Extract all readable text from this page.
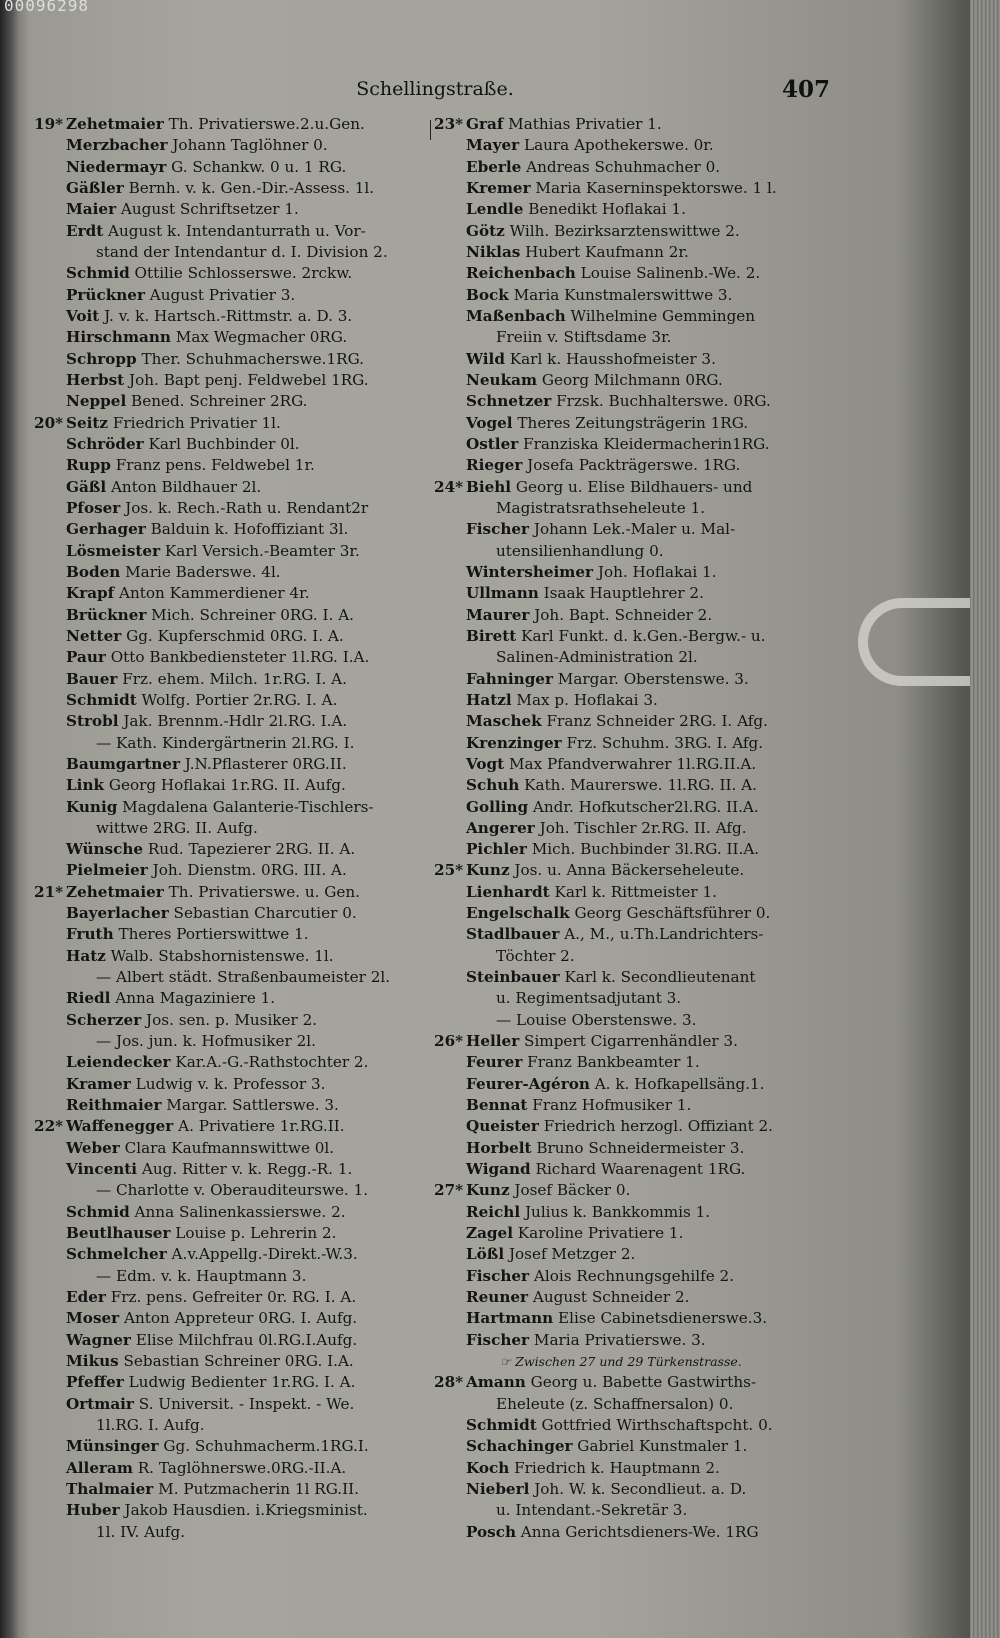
00096298
Schellingstraße.	407
19* Zehetmaier Th. Privatierswe.2.u.Gen.
Merzbacher Johann Taglöhner 0.
Niedermayr G. Schankw. 0 u. 1 RG.
Gäßler Bernh. v. k. Gen.-Dir.-Assess. 1l.
Maier August Schriftsetzer 1.
Erdt August k. Intendanturrath u. Vor-
stand der Intendantur d. I. Division 2.
Schmid Ottilie Schlosserswe. 2rckw.
Prückner August Privatier 3.
Voit J. v. k. Hartsch.-Rittmstr. a. D. 3.
Hirschmann Max Wegmacher 0RG.
Schropp Ther. Schuhmacherswe.1RG.
Herbst Joh. Bapt penj. Feldwebel 1RG.
Neppel Bened. Schreiner 2RG.
20* Seitz Friedrich Privatier 1l.
Schröder Karl Buchbinder 0l.
Rupp Franz pens. Feldwebel 1r.
Gäßl Anton Bildhauer 2l.
Pfoser Jos. k. Rech.-Rath u. Rendant2r
Gerhager Balduin k. Hofoffiziant 3l.
Lösmeister Karl Versich.-Beamter 3r.
Boden Marie Baderswe. 4l.
Krapf Anton Kammerdiener 4r.
Brückner Mich. Schreiner 0RG. I. A.
Netter Gg. Kupferschmid 0RG. I. A.
Paur Otto Bankbediensteter 1l.RG. I.A.
Bauer Frz. ehem. Milch. 1r.RG. I. A.
Schmidt Wolfg. Portier 2r.RG. I. A.
Strobl Jak. Brennm.-Hdlr 2l.RG. I.A.
— Kath. Kindergärtnerin 2l.RG. I.
Baumgartner J.N.Pflasterer 0RG.II.
Link Georg Hoflakai 1r.RG. II. Aufg.
Kunig Magdalena Galanterie-Tischlers-
wittwe 2RG. II. Aufg.
Wünsche Rud. Tapezierer 2RG. II. A.
Pielmeier Joh. Dienstm. 0RG. III. A.
21* Zehetmaier Th. Privatierswe. u. Gen.
Bayerlacher Sebastian Charcutier 0.
Fruth Theres Portierswittwe 1.
Hatz Walb. Stabshornistenswe. 1l.
— Albert städt. Straßenbaumeister 2l.
Riedl Anna Magaziniere 1.
Scherzer Jos. sen. p. Musiker 2.
— Jos. jun. k. Hofmusiker 2l.
Leiendecker Kar.A.-G.-Rathstochter 2.
Kramer Ludwig v. k. Professor 3.
Reithmaier Margar. Sattlerswe. 3.
22* Waffenegger A. Privatiere 1r.RG.II.
Weber Clara Kaufmannswittwe 0l.
Vincenti Aug. Ritter v. k. Regg.-R. 1.
— Charlotte v. Oberauditeurswe. 1.
Schmid Anna Salinenkassierswe. 2.
Beutlhauser Louise p. Lehrerin 2.
Schmelcher A.v.Appellg.-Direkt.-W.3.
— Edm. v. k. Hauptmann 3.
Eder Frz. pens. Gefreiter 0r. RG. I. A.
Moser Anton Appreteur 0RG. I. Aufg.
Wagner Elise Milchfrau 0l.RG.I.Aufg.
Mikus Sebastian Schreiner 0RG. I.A.
Pfeffer Ludwig Bedienter 1r.RG. I. A.
Ortmair S. Universit. - Inspekt. - We.
1l.RG. I. Aufg.
Münsinger Gg. Schuhmacherm.1RG.I.
Alleram R. Taglöhnerswe.0RG.-II.A.
Thalmaier M. Putzmacherin 1l RG.II.
Huber Jakob Hausdien. i.Kriegsminist.
1l. IV. Aufg.
23* Graf Mathias Privatier 1.
Mayer Laura Apothekerswe. 0r.
Eberle Andreas Schuhmacher 0.
Kremer Maria Kaserninspektorswe. 1 l.
Lendle Benedikt Hoflakai 1.
Götz Wilh. Bezirksarztenswittwe 2.
Niklas Hubert Kaufmann 2r.
Reichenbach Louise Salinenb.-We. 2.
Bock Maria Kunstmalerswittwe 3.
Maßenbach Wilhelmine Gemmingen
Freiin v. Stiftsdame 3r.
Wild Karl k. Hausshofmeister 3.
Neukam Georg Milchmann 0RG.
Schnetzer Frzsk. Buchhalterswe. 0RG.
Vogel Theres Zeitungsträgerin 1RG.
Ostler Franziska Kleidermacherin1RG.
Rieger Josefa Packträgerswe. 1RG.
24* Biehl Georg u. Elise Bildhauers- und
Magistratsrathseheleute 1.
Fischer Johann Lek.-Maler u. Mal-
utensilienhandlung 0.
Wintersheimer Joh. Hoflakai 1.
Ullmann Isaak Hauptlehrer 2.
Maurer Joh. Bapt. Schneider 2.
Birett Karl Funkt. d. k.Gen.-Bergw.- u.
Salinen-Administration 2l.
Fahninger Margar. Oberstenswe. 3.
Hatzl Max p. Hoflakai 3.
Maschek Franz Schneider 2RG. I. Afg.
Krenzinger Frz. Schuhm. 3RG. I. Afg.
Vogt Max Pfandverwahrer 1l.RG.II.A.
Schuh Kath. Maurerswe. 1l.RG. II. A.
Golling Andr. Hofkutscher2l.RG. II.A.
Angerer Joh. Tischler 2r.RG. II. Afg.
Pichler Mich. Buchbinder 3l.RG. II.A.
25* Kunz Jos. u. Anna Bäckerseheleute.
Lienhardt Karl k. Rittmeister 1.
Engelschalk Georg Geschäftsführer 0.
Stadlbauer A., M., u.Th.Landrichters-
Töchter 2.
Steinbauer Karl k. Secondlieutenant
u. Regimentsadjutant 3.
— Louise Oberstenswe. 3.
26* Heller Simpert Cigarrenhändler 3.
Feurer Franz Bankbeamter 1.
Feurer-Agéron A. k. Hofkapellsäng.1.
Bennat Franz Hofmusiker 1.
Queister Friedrich herzogl. Offiziant 2.
Horbelt Bruno Schneidermeister 3.
Wigand Richard Waarenagent 1RG.
27* Kunz Josef Bäcker 0.
Reichl Julius k. Bankkommis 1.
Zagel Karoline Privatiere 1.
Lößl Josef Metzger 2.
Fischer Alois Rechnungsgehilfe 2.
Reuner August Schneider 2.
Hartmann Elise Cabinetsdienerswe.3.
Fischer Maria Privatierswe. 3.
☞ Zwischen 27 und 29 Türkenstrasse.
28* Amann Georg u. Babette Gastwirths-
Eheleute (z. Schaffnersalon) 0.
Schmidt Gottfried Wirthschaftspcht. 0.
Schachinger Gabriel Kunstmaler 1.
Koch Friedrich k. Hauptmann 2.
Nieberl Joh. W. k. Secondlieut. a. D.
u. Intendant.-Sekretär 3.
Posch Anna Gerichtsdieners-We. 1RG
